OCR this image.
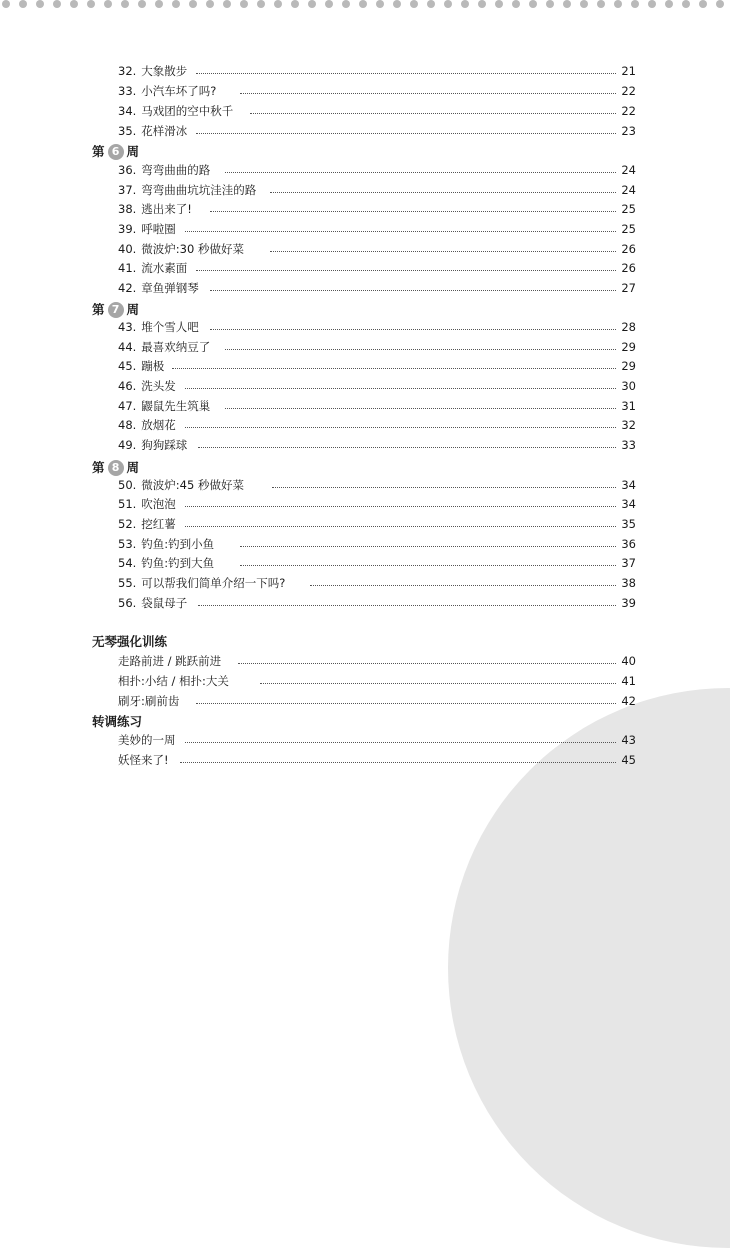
32. 大象散步	21
33. 小汽车坏了吗?	22
34. 马戏团的空中秋千	22
35. 花样滑冰	23
第 6 周
36. 弯弯曲曲的路	24
37. 弯弯曲曲坑坑洼洼的路	24
38. 逃出来了!	25
39. 呼啦圈	25
40. 微波炉:30 秒做好菜	26
41. 流水素面	26
42. 章鱼弹钢琴	27
第 7 周
43. 堆个雪人吧	28
44. 最喜欢纳豆了	29
45. 蹦极	29
46. 洗头发	30
47. 鼹鼠先生筑巢	31
48. 放烟花	32
49. 狗狗踩球	33
第 8 周
50. 微波炉:45 秒做好菜	34
51. 吹泡泡	34
52. 挖红薯	35
53. 钓鱼:钓到小鱼	36
54. 钓鱼:钓到大鱼	37
55. 可以帮我们简单介绍一下吗?	38
56. 袋鼠母子	39
无琴强化训练
走路前进 / 跳跃前进	40
相扑:小结 / 相扑:大关	41
刷牙:刷前齿	42
转调练习
美妙的一周	43
妖怪来了!	45
